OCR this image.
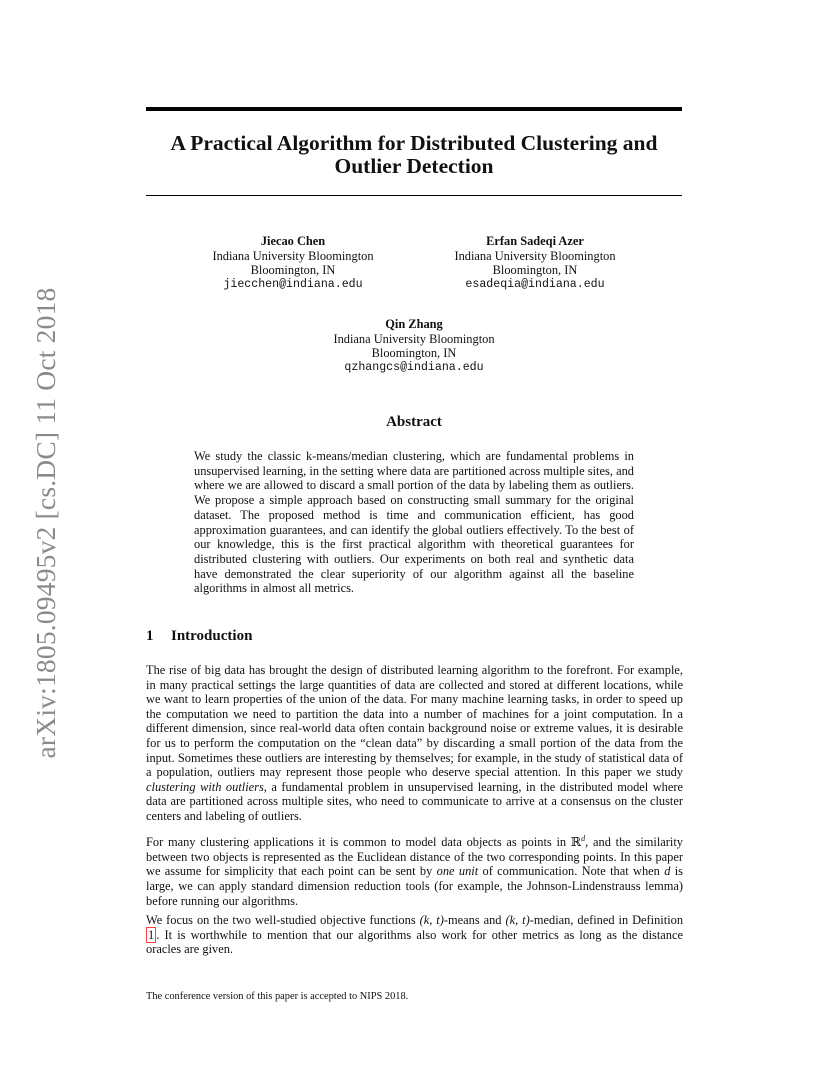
arXiv:1805.09495v2 [cs.DC] 11 Oct 2018
A Practical Algorithm for Distributed Clustering and
Outlier Detection
Jiecao Chen
Indiana University Bloomington
Bloomington, IN
jiecchen@indiana.edu
Erfan Sadeqi Azer
Indiana University Bloomington
Bloomington, IN
esadeqia@indiana.edu
Qin Zhang
Indiana University Bloomington
Bloomington, IN
qzhangcs@indiana.edu
Abstract

We study the classic k-means/median clustering, which are fundamental problems in unsupervised learning, in the setting where data are partitioned across multiple sites, and where we are allowed to discard a small portion of the data by labeling them as outliers. We propose a simple approach based on constructing small summary for the original dataset. The proposed method is time and communication efficient, has good approximation guarantees, and can identify the global outliers effectively. To the best of our knowledge, this is the first practical algorithm with theoretical guarantees for distributed clustering with outliers. Our experiments on both real and synthetic data have demonstrated the clear superiority of our algorithm against all the baseline algorithms in almost all metrics.

1 Introduction

The rise of big data has brought the design of distributed learning algorithm to the forefront. For example, in many practical settings the large quantities of data are collected and stored at different locations, while we want to learn properties of the union of the data. For many machine learning tasks, in order to speed up the computation we need to partition the data into a number of machines for a joint computation. In a different dimension, since real-world data often contain background noise or extreme values, it is desirable for us to perform the computation on the “clean data” by discarding a small portion of the data from the input. Sometimes these outliers are interesting by themselves; for example, in the study of statistical data of a population, outliers may represent those people who deserve special attention. In this paper we study clustering with outliers, a fundamental problem in unsupervised learning, in the distributed model where data are partitioned across multiple sites, who need to communicate to arrive at a consensus on the cluster centers and labeling of outliers.

For many clustering applications it is common to model data objects as points in ℝ$^d$, and the similarity between two objects is represented as the Euclidean distance of the two corresponding points. In this paper we assume for simplicity that each point can be sent by one unit of communication. Note that when d is large, we can apply standard dimension reduction tools (for example, the Johnson-Lindenstrauss lemma) before running our algorithms.

We focus on the two well-studied objective functions (k, t)-means and (k, t)-median, defined in Definition 1 . It is worthwhile to mention that our algorithms also work for other metrics as long as the distance oracles are given.

The conference version of this paper is accepted to NIPS 2018.
